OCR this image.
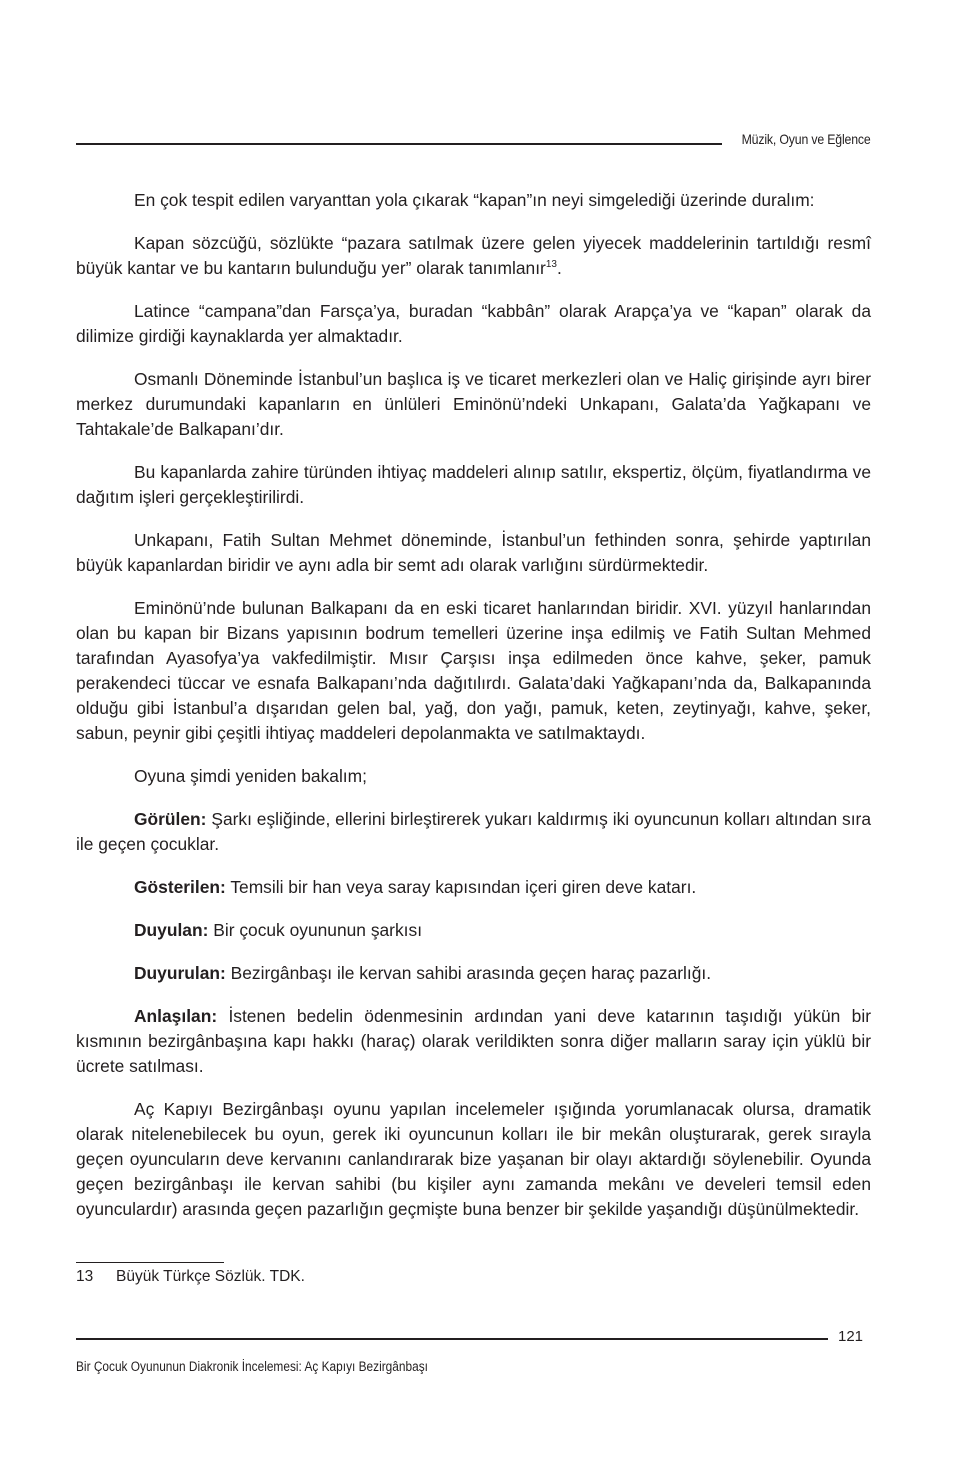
Müzik, Oyun ve Eğlence

En çok tespit edilen varyanttan yola çıkarak “kapan”ın neyi simgelediği üzerinde duralım:

Kapan sözcüğü, sözlükte “pazara satılmak üzere gelen yiyecek maddelerinin tartıldığı resmî büyük kantar ve bu kantarın bulunduğu yer” olarak tanımlanır$^{13}$.

Latince “campana”dan Farsça’ya, buradan “kabbân” olarak Arapça’ya ve “kapan” olarak da dilimize girdiği kaynaklarda yer almaktadır.

Osmanlı Döneminde İstanbul’un başlıca iş ve ticaret merkezleri olan ve Haliç girişinde ayrı birer merkez durumundaki kapanların en ünlüleri Eminönü’ndeki Unkapanı, Galata’da Yağkapanı ve Tahtakale’de Balkapanı’dır.

Bu kapanlarda zahire türünden ihtiyaç maddeleri alınıp satılır, ekspertiz, ölçüm, fiyatlandırma ve dağıtım işleri gerçekleştirilirdi.

Unkapanı, Fatih Sultan Mehmet döneminde, İstanbul’un fethinden sonra, şehirde yaptırılan büyük kapanlardan biridir ve aynı adla bir semt adı olarak varlığını sürdürmektedir.

Eminönü’nde bulunan Balkapanı da en eski ticaret hanlarından biridir. XVI. yüzyıl hanlarından olan bu kapan bir Bizans yapısının bodrum temelleri üzerine inşa edilmiş ve Fatih Sultan Mehmed tarafından Ayasofya’ya vakfedilmiştir. Mısır Çarşısı inşa edilmeden önce kahve, şeker, pamuk perakendeci tüccar ve esnafa Balkapanı’nda dağıtılırdı. Galata’daki Yağkapanı’nda da, Balkapanında olduğu gibi İstanbul’a dışarıdan gelen bal, yağ, don yağı, pamuk, keten, zeytinyağı, kahve, şeker, sabun, peynir gibi çeşitli ihtiyaç maddeleri depolanmakta ve satılmaktaydı.

Oyuna şimdi yeniden bakalım;

Görülen: Şarkı eşliğinde, ellerini birleştirerek yukarı kaldırmış iki oyuncunun kolları altından sıra ile geçen çocuklar.

Gösterilen: Temsili bir han veya saray kapısından içeri giren deve katarı.

Duyulan: Bir çocuk oyununun şarkısı

Duyurulan: Bezirgânbaşı ile kervan sahibi arasında geçen haraç pazarlığı.

Anlaşılan: İstenen bedelin ödenmesinin ardından yani deve katarının taşıdığı yükün bir kısmının bezirgânbaşına kapı hakkı (haraç) olarak verildikten sonra diğer malların saray için yüklü bir ücrete satılması.

Aç Kapıyı Bezirgânbaşı oyunu yapılan incelemeler ışığında yorumlanacak olursa, dramatik olarak nitelenebilecek bu oyun, gerek iki oyuncunun kolları ile bir mekân oluşturarak, gerek sırayla geçen oyuncuların deve kervanını canlandırarak bize yaşanan bir olayı aktardığı söylenebilir. Oyunda geçen bezirgânbaşı ile kervan sahibi (bu kişiler aynı zamanda mekânı ve develeri temsil eden oyunculardır) arasında geçen pazarlığın geçmişte buna benzer bir şekilde yaşandığı düşünülmektedir.

13 Büyük Türkçe Sözlük. TDK.
121
Bir Çocuk Oyununun Diakronik İncelemesi: Aç Kapıyı Bezirgânbaşı
